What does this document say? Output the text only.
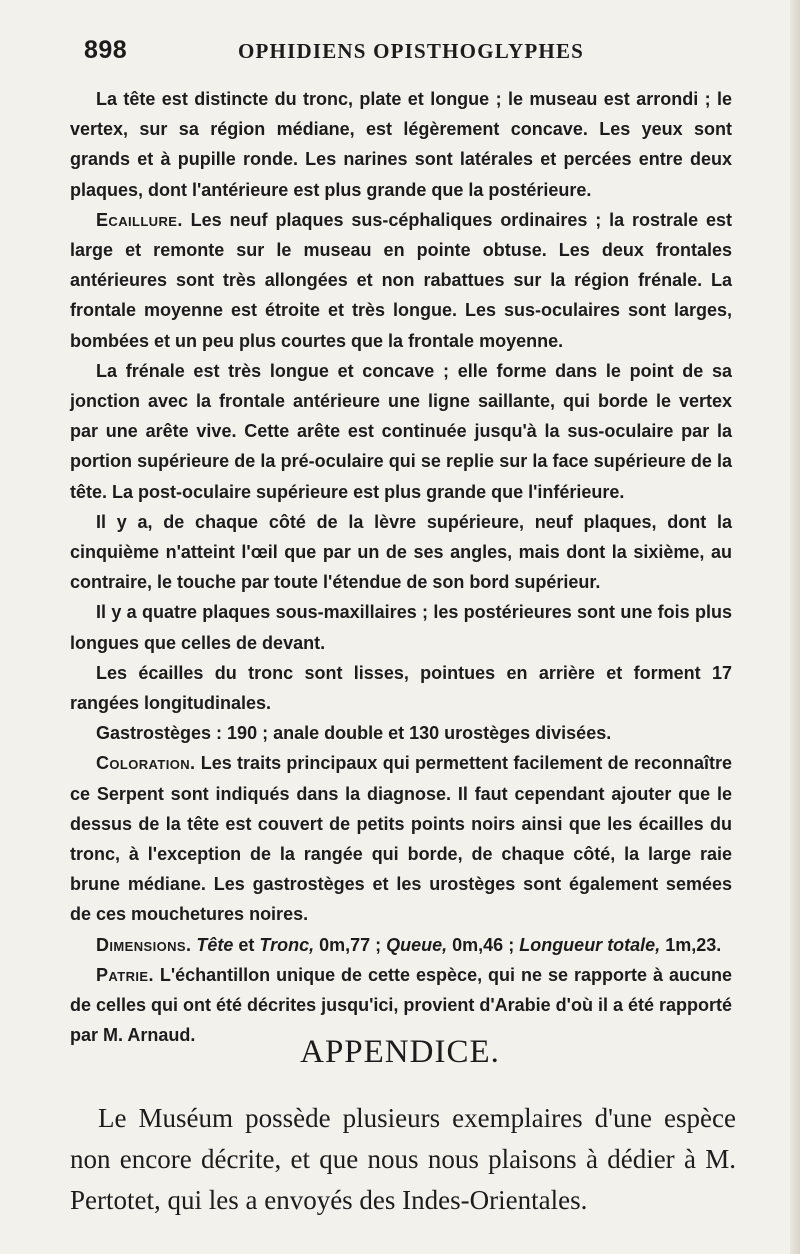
898	OPHIDIENS OPISTHOGLYPHES

La tête est distincte du tronc, plate et longue ; le museau est arrondi ; le vertex, sur sa région médiane, est légèrement concave. Les yeux sont grands et à pupille ronde. Les narines sont latérales et percées entre deux plaques, dont l'antérieure est plus grande que la postérieure.

Ecaillure. Les neuf plaques sus-céphaliques ordinaires ; la rostrale est large et remonte sur le museau en pointe obtuse. Les deux frontales antérieures sont très allongées et non rabattues sur la région frénale. La frontale moyenne est étroite et très longue. Les sus-oculaires sont larges, bombées et un peu plus courtes que la frontale moyenne.

La frénale est très longue et concave ; elle forme dans le point de sa jonction avec la frontale antérieure une ligne saillante, qui borde le vertex par une arête vive. Cette arête est continuée jusqu'à la sus-oculaire par la portion supérieure de la pré-oculaire qui se replie sur la face supérieure de la tête. La post-oculaire supérieure est plus grande que l'inférieure.

Il y a, de chaque côté de la lèvre supérieure, neuf plaques, dont la cinquième n'atteint l'œil que par un de ses angles, mais dont la sixième, au contraire, le touche par toute l'étendue de son bord supérieur.

Il y a quatre plaques sous-maxillaires ; les postérieures sont une fois plus longues que celles de devant.

Les écailles du tronc sont lisses, pointues en arrière et forment 17 rangées longitudinales.

Gastrostèges : 190 ; anale double et 130 urostèges divisées.

Coloration. Les traits principaux qui permettent facilement de reconnaître ce Serpent sont indiqués dans la diagnose. Il faut cependant ajouter que le dessus de la tête est couvert de petits points noirs ainsi que les écailles du tronc, à l'exception de la rangée qui borde, de chaque côté, la large raie brune médiane. Les gastrostèges et les urostèges sont également semées de ces mouchetures noires.

Dimensions. Tête et Tronc, 0m,77 ; Queue, 0m,46 ; Longueur totale, 1m,23.

Patrie. L'échantillon unique de cette espèce, qui ne se rapporte à aucune de celles qui ont été décrites jusqu'ici, provient d'Arabie d'où il a été rapporté par M. Arnaud.	APPENDICE.

Le Muséum possède plusieurs exemplaires d'une espèce non encore décrite, et que nous nous plaisons à dédier à M. Pertotet, qui les a envoyés des Indes-Orientales.
